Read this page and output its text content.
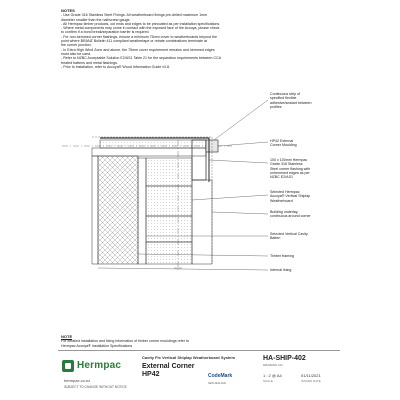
NOTES
- Use Grade 316 Stainless Steel Fixings. All weatherboard fixings pre-drilled maximum 1mm
diameter smaller than the nail/screw gauge.
- All Hermpac timber products, cut ends and edges to be precoated as per installation specifications.
- Where metal components may come in contact with the exposed face of the Accoya, please check
to confirm if a bond break/separation barrier is required.
- For non-hemmed corner flashings, ensure a minimum 75mm cover to weatherboards beyond the
point where BRANZ Bulletin 411 compliant weathertape or rebate combinations terminate at
the corner junction.
- In Extra High Wind Zone and above, the 75mm cover requirement remains and hemmed edges
must also be used.
- Refer to NZBC Acceptable Solution E2/AS1 Table 21 for the separation requirements between CCA
treated battens and metal flashings.
- Prior to installation, refer to Accoya® Wood Information Guide v3.8.
Continuous strip of
specified flexible
adhesive/sealant between
profiles
HP42 External
Corner Moulding
100 x 100mm Hermpac
Grade 316 Stainless
Steel corner flashing with
unhemmed edges as per
NZBC E2/AS1
Selected Hermpac
Accoya® Vertical Shiplap
Weatherboard
Building underlay,
continuous around corner
Selected Vertical Cavity
Batten
Timber framing
Internal lining
NOTE
For detailed installation and fixing information of timber corner mouldings refer to
Hermpac Accoya® Installation Specifications
Hermpac
hermpac.co.nz
SUBJECT TO CHANGE WITHOUT NOTICE
Cavity Fix Vertical Shiplap Weatherboard System
External Corner
HP42	CodeMark
NEW ZEALAND
HA-SHIP-402
DRAWING NO.
1 : 2 @ A4
SCALE
01/11/2021
ISSUED DATE
